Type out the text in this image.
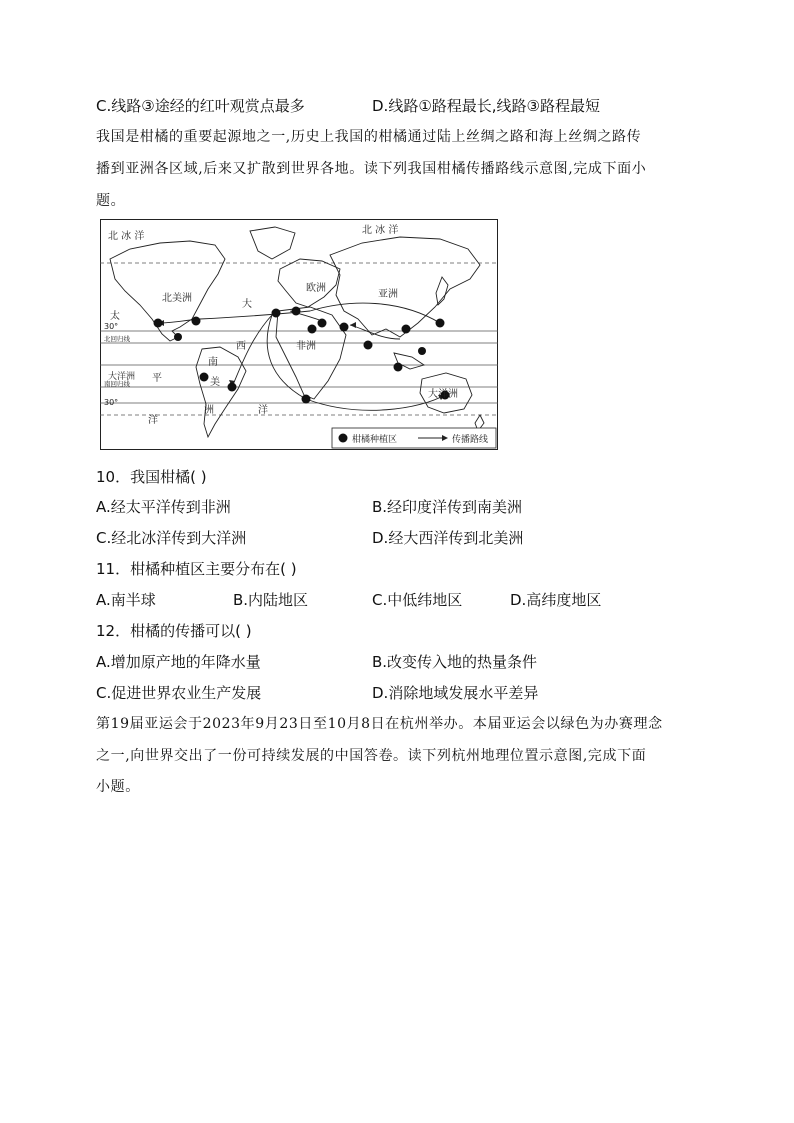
C.线路③途经的红叶观赏点最多	D.线路①路程最长,线路③路程最短
我国是柑橘的重要起源地之一,历史上我国的柑橘通过陆上丝绸之路和海上丝绸之路传
播到亚洲各区域,后来又扩散到世界各地。读下列我国柑橘传播路线示意图,完成下面小
题。
北 冰 洋
北 冰 洋
北美洲
大
西
洋
欧洲
亚洲
非洲
太
平
洋
南
美
洲
大洋洲
大洋洲
30°
北回归线
南回归线
30°
柑橘种植区	传播路线
10．我国柑橘( )
A.经太平洋传到非洲	B.经印度洋传到南美洲
C.经北冰洋传到大洋洲	D.经大西洋传到北美洲
11．柑橘种植区主要分布在( )
A.南半球	B.内陆地区	C.中低纬地区	D.高纬度地区
12．柑橘的传播可以( )
A.增加原产地的年降水量	B.改变传入地的热量条件
C.促进世界农业生产发展	D.消除地域发展水平差异
第19届亚运会于2023年9月23日至10月8日在杭州举办。本届亚运会以绿色为办赛理念
之一,向世界交出了一份可持续发展的中国答卷。读下列杭州地理位置示意图,完成下面
小题。
